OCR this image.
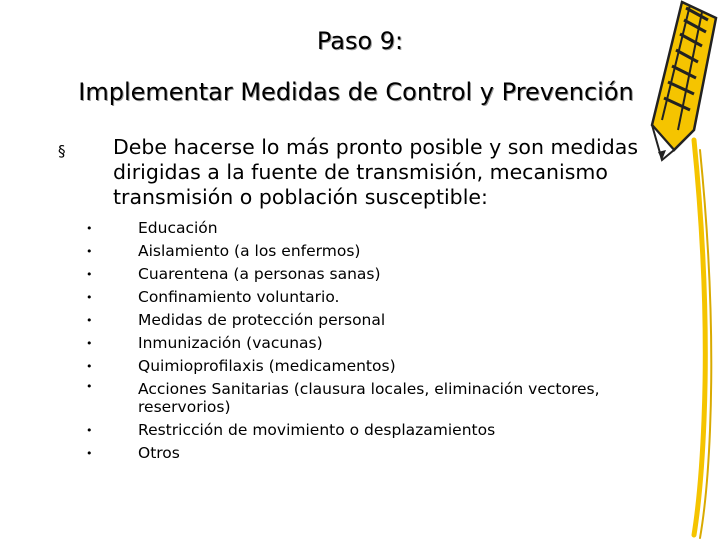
Paso 9:
Implementar Medidas de Control y Prevención
§ Debe hacerse lo más pronto posible y son medidas dirigidas a la fuente de transmisión, mecanismo transmisión o población susceptible:
•	Educación
•	Aislamiento (a los enfermos)
•	Cuarentena (a personas sanas)
•	Confinamiento voluntario.
•	Medidas de protección personal
•	Inmunización (vacunas)
•	Quimioprofilaxis (medicamentos)
•	Acciones Sanitarias (clausura locales, eliminación vectores, reservorios)
•	Restricción de movimiento o desplazamientos
•	Otros
